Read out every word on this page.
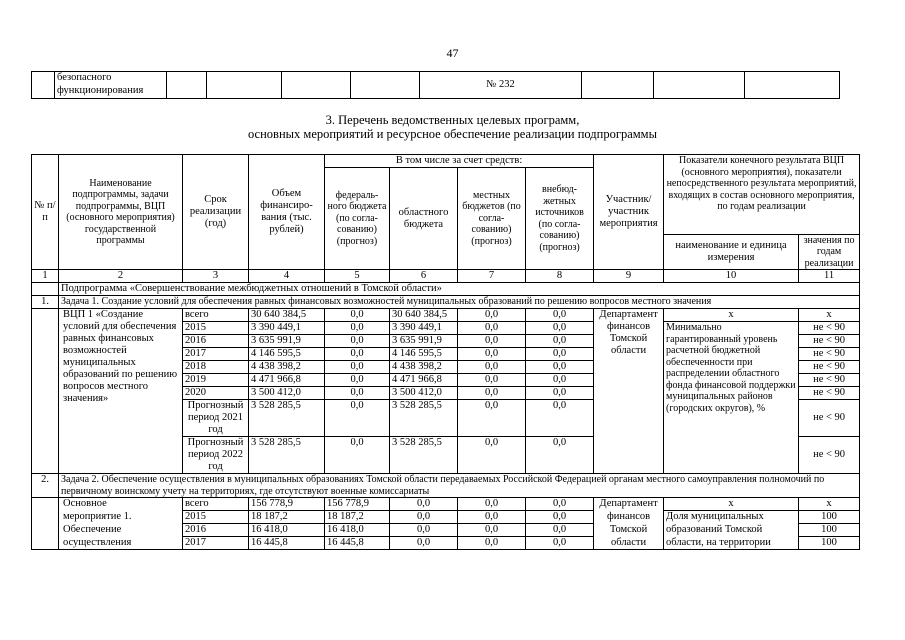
47
	безопасного					№ 232			
	функционирования								
3. Перечень ведомственных целевых программ,
основных мероприятий и ресурсное обеспечение реализации подпрограммы
№ п/п	Наименование подпрограммы, задачи подпрограммы, ВЦП (основного мероприятия) государственной программы	Срок реализации (год)	Объем финансиро-вания (тыс. рублей)	В том числе за счет средств:				Участник/ участник мероприятия	Показатели конечного результата ВЦП (основного мероприятия), показатели непосредственного результата мероприятий, входящих в состав основного мероприятия, по годам реализации	
				федераль-ного бюджета (по согла-сованию) (прогноз)	областного бюджета	местных бюджетов (по согла-сованию) (прогноз)	внебюд-жетных источников (по согла-сованию) (прогноз)			
									наименование и единица измерения	значения по годам реализации
1	2	3	4	5	6	7	8	9	10	11
	Подпрограмма «Совершенствование межбюджетных отношений в Томской области»									
1.	Задача 1. Создание условий для обеспечения равных финансовых возможностей муниципальных образований по решению вопросов местного значения									
	ВЦП 1 «Создание условий для обеспечения равных финансовых возможностей муниципальных образований по решению вопросов местного значения»	всего	30 640 384,5	0,0	30 640 384,5	0,0	0,0	Департамент финансов Томской области	х	х
		2015	3 390 449,1	0,0	3 390 449,1	0,0	0,0		Минимально гарантированный уровень расчетной бюджетной обеспеченности при распределении областного фонда финансовой поддержки муниципальных районов (городских округов), %	не < 90
		2016	3 635 991,9	0,0	3 635 991,9	0,0	0,0			не < 90
		2017	4 146 595,5	0,0	4 146 595,5	0,0	0,0			не < 90
		2018	4 438 398,2	0,0	4 438 398,2	0,0	0,0			не < 90
		2019	4 471 966,8	0,0	4 471 966,8	0,0	0,0			не < 90
		2020	3 500 412,0	0,0	3 500 412,0	0,0	0,0			не < 90
		Прогнозный период 2021 год	3 528 285,5	0,0	3 528 285,5	0,0	0,0			не < 90
		Прогнозный период 2022 год	3 528 285,5	0,0	3 528 285,5	0,0	0,0			не < 90
2.	Задача 2. Обеспечение осуществления в муниципальных образованиях Томской области передаваемых Российской Федерацией органам местного самоуправления полномочий по первичному воинскому учету на территориях, где отсутствуют военные комиссариаты									
	Основное	всего	156 778,9	156 778,9	0,0	0,0	0,0	Департамент	х	х
	мероприятие 1.	2015	18 187,2	18 187,2	0,0	0,0	0,0	финансов	Доля муниципальных	100
	Обеспечение	2016	16 418,0	16 418,0	0,0	0,0	0,0	Томской	образований Томской	100
	осуществления	2017	16 445,8	16 445,8	0,0	0,0	0,0	области	области, на территории	100
